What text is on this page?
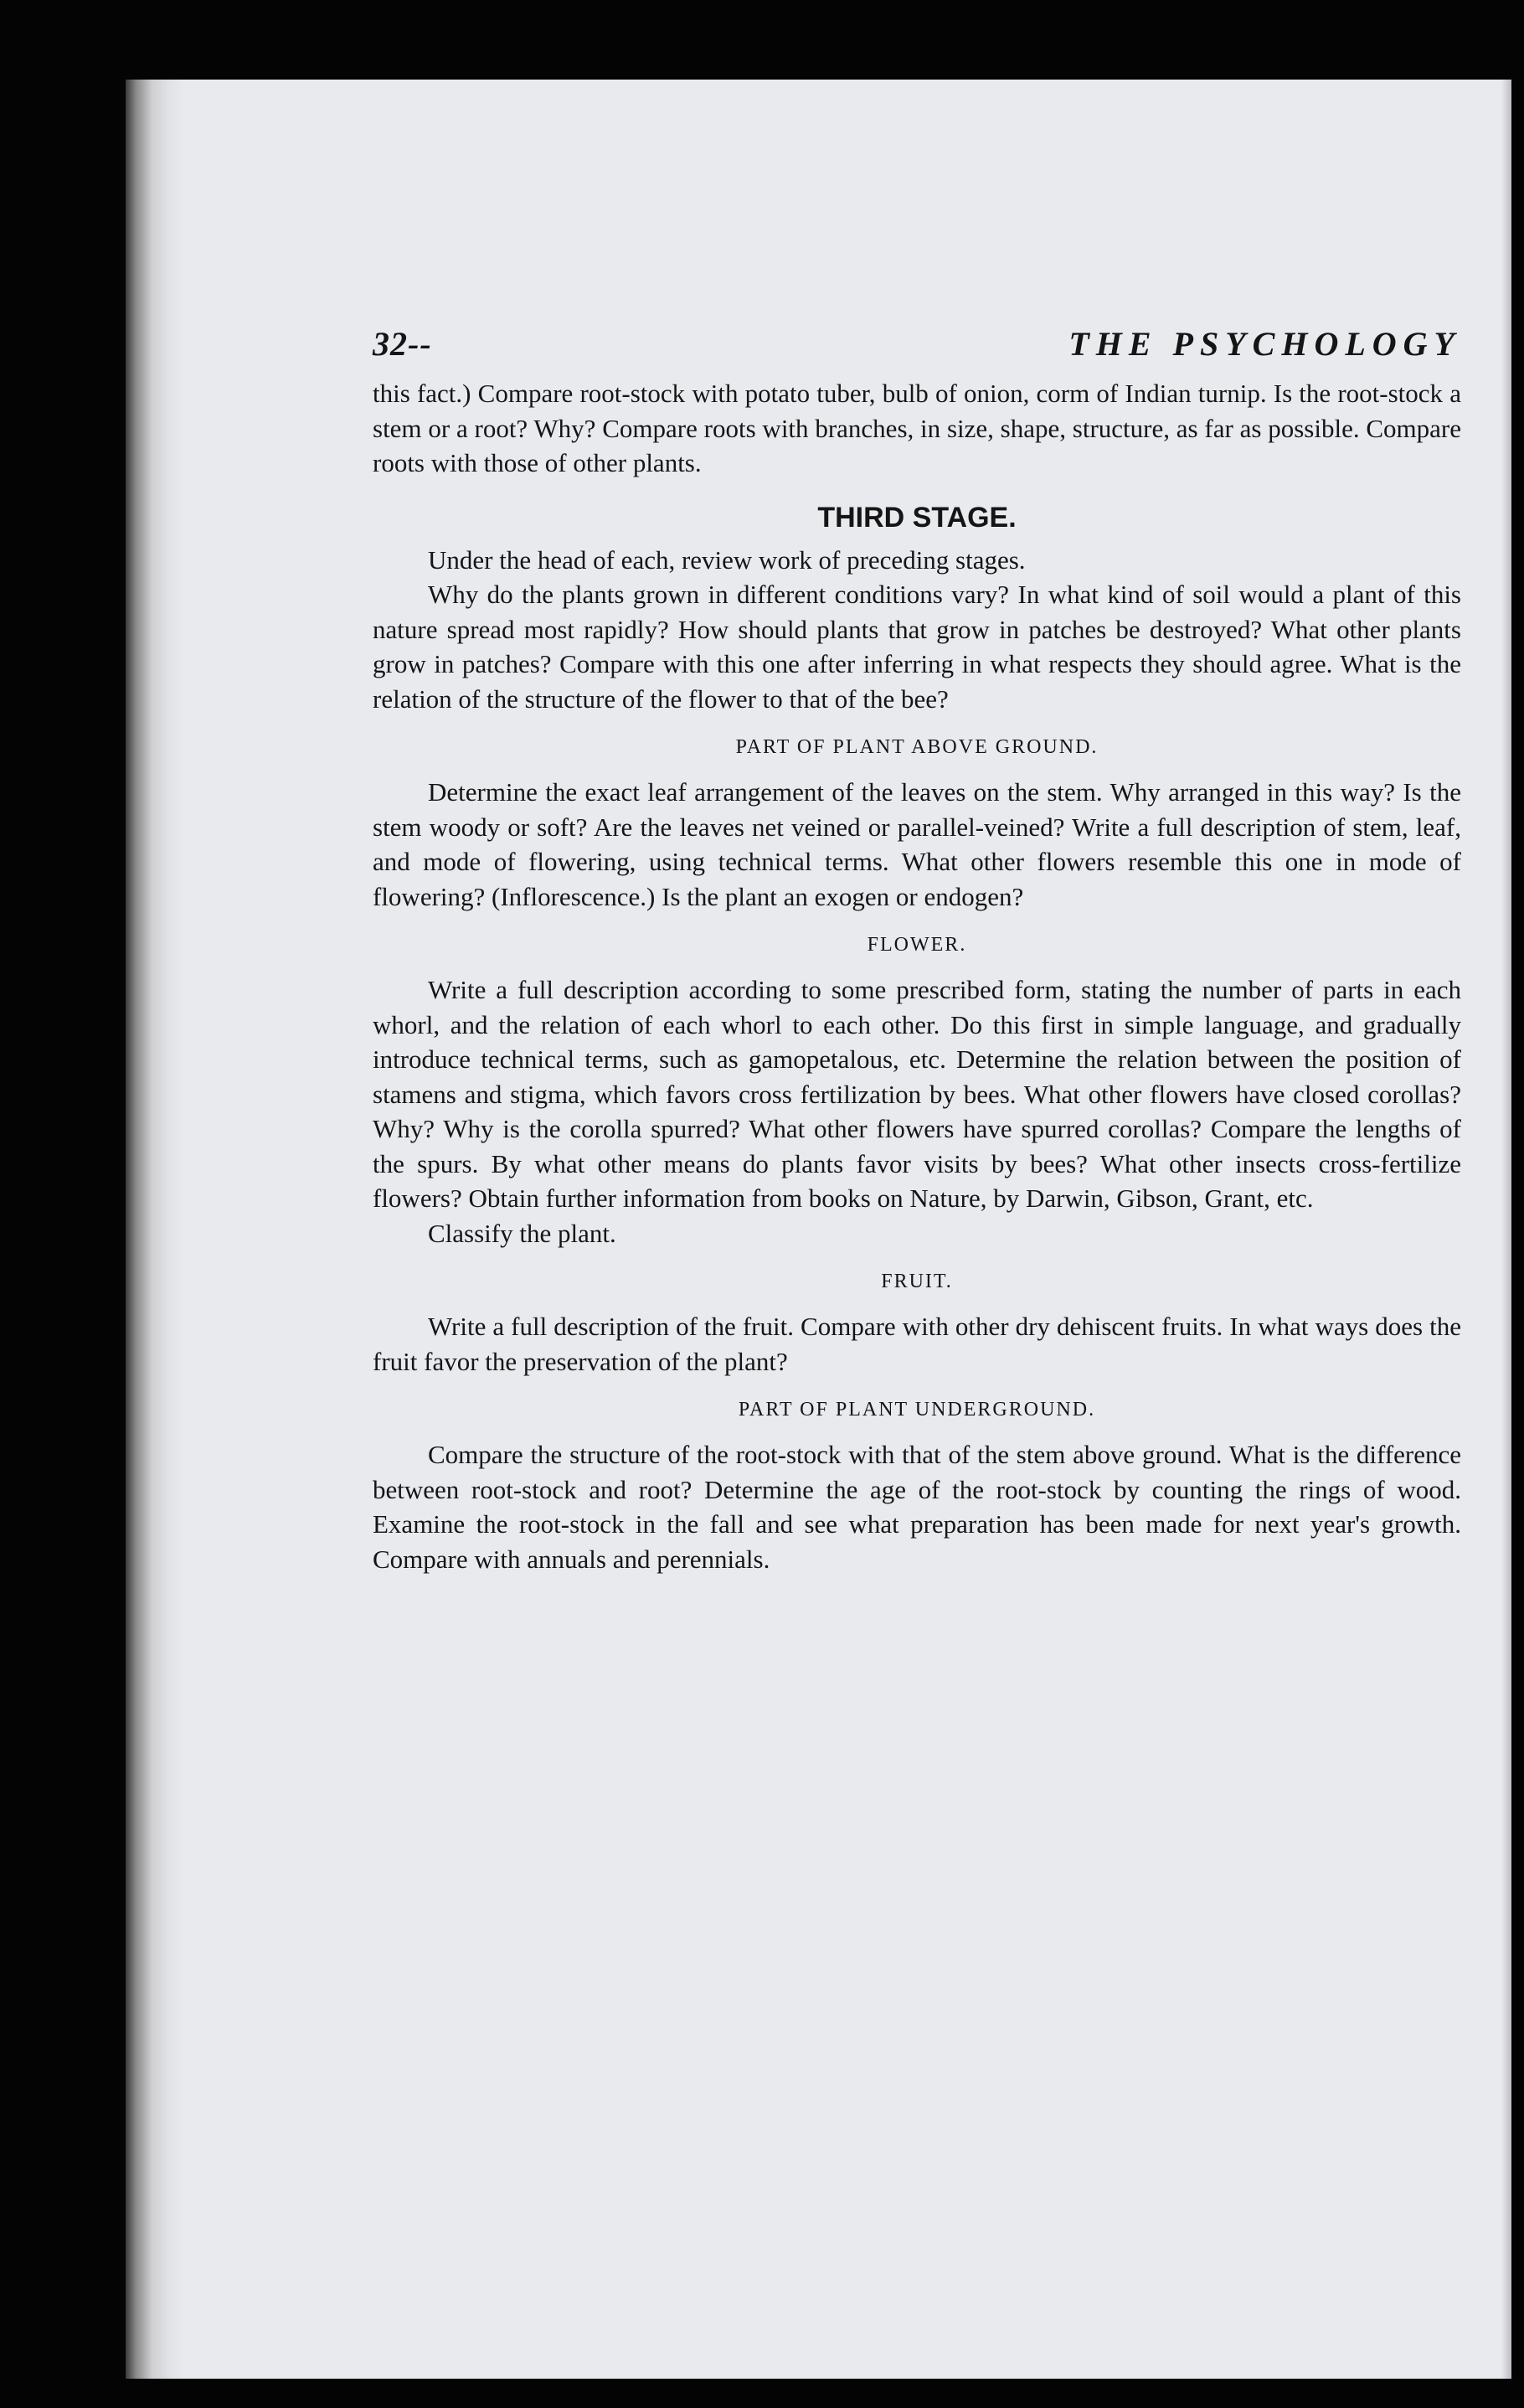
32--	THE PSYCHOLOGY

this fact.) Compare root-stock with potato tuber, bulb of onion, corm of Indian turnip. Is the root-stock a stem or a root? Why? Compare roots with branches, in size, shape, structure, as far as possible. Compare roots with those of other plants.

THIRD STAGE.

Under the head of each, review work of preceding stages.

Why do the plants grown in different conditions vary? In what kind of soil would a plant of this nature spread most rapidly? How should plants that grow in patches be destroyed? What other plants grow in patches? Compare with this one after inferring in what respects they should agree. What is the relation of the structure of the flower to that of the bee?

PART OF PLANT ABOVE GROUND.

Determine the exact leaf arrangement of the leaves on the stem. Why arranged in this way? Is the stem woody or soft? Are the leaves net veined or parallel-veined? Write a full description of stem, leaf, and mode of flowering, using technical terms. What other flowers resemble this one in mode of flowering? (Inflorescence.) Is the plant an exogen or endogen?

FLOWER.

Write a full description according to some prescribed form, stating the number of parts in each whorl, and the relation of each whorl to each other. Do this first in simple language, and gradually introduce technical terms, such as gamopetalous, etc. Determine the relation between the position of stamens and stigma, which favors cross fertilization by bees. What other flowers have closed corollas? Why? Why is the corolla spurred? What other flowers have spurred corollas? Compare the lengths of the spurs. By what other means do plants favor visits by bees? What other insects cross-fertilize flowers? Obtain further information from books on Nature, by Darwin, Gibson, Grant, etc.

Classify the plant.

FRUIT.

Write a full description of the fruit. Compare with other dry dehiscent fruits. In what ways does the fruit favor the preservation of the plant?

PART OF PLANT UNDERGROUND.

Compare the structure of the root-stock with that of the stem above ground. What is the difference between root-stock and root? Determine the age of the root-stock by counting the rings of wood. Examine the root-stock in the fall and see what preparation has been made for next year's growth. Compare with annuals and perennials.
